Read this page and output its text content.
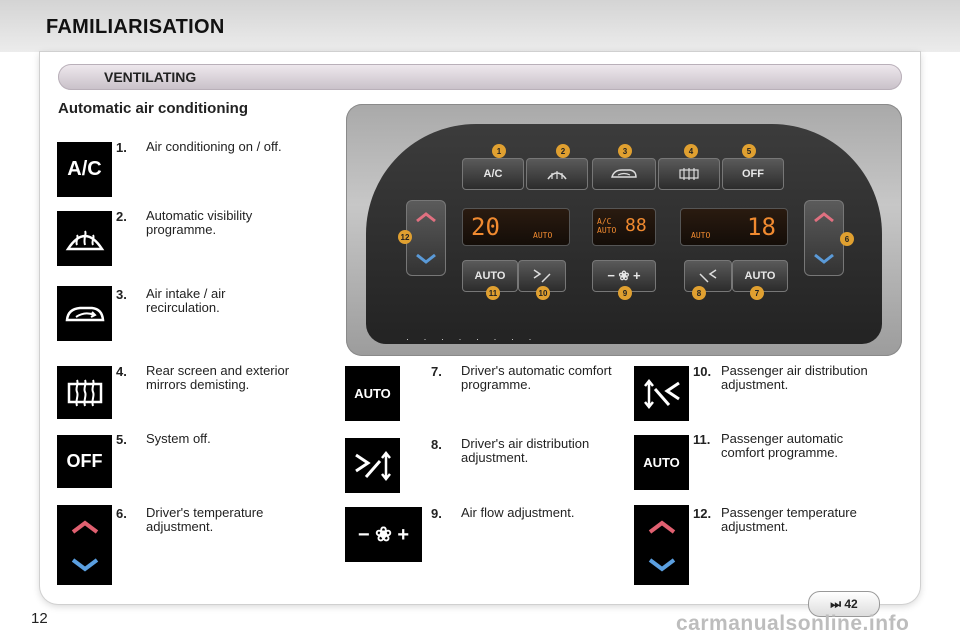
FAMILIARISATION
VENTILATING
Automatic air conditioning
A/C	OFF
20	AUTO
A/C AUTO 88	AUTO 18
AUTO	− ❀ +	AUTO
1	2	3	4	5
6
7
8
9
10
11
12
· · · · · · · ·
A/C
OFF
1. Air conditioning on / off.
2. Automatic visibility programme.
3. Air intake / air recirculation.
4. Rear screen and exterior mirrors demisting.
5. System off.
6. Driver's temperature adjustment.
AUTO
− ❀ +
7. Driver's automatic comfort programme.
8. Driver's air distribution adjustment.
9. Air flow adjustment.
AUTO
10. Passenger air distribution adjustment.
11. Passenger automatic comfort programme.
12. Passenger temperature adjustment.
⏭ 42
12	carmanualsonline.info
